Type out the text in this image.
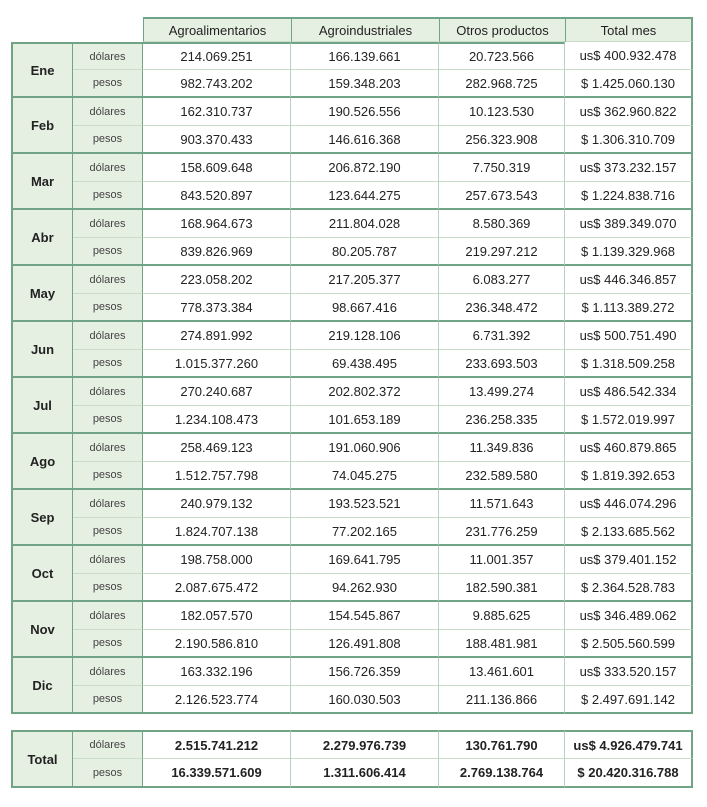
		Agroalimentarios	Agroindustriales	Otros productos	Total mes
Ene	dólares	214.069.251	166.139.661	20.723.566	us$ 400.932.478
	pesos	982.743.202	159.348.203	282.968.725	$ 1.425.060.130
Feb	dólares	162.310.737	190.526.556	10.123.530	us$ 362.960.822
	pesos	903.370.433	146.616.368	256.323.908	$ 1.306.310.709
Mar	dólares	158.609.648	206.872.190	7.750.319	us$ 373.232.157
	pesos	843.520.897	123.644.275	257.673.543	$ 1.224.838.716
Abr	dólares	168.964.673	211.804.028	8.580.369	us$ 389.349.070
	pesos	839.826.969	80.205.787	219.297.212	$ 1.139.329.968
May	dólares	223.058.202	217.205.377	6.083.277	us$ 446.346.857
	pesos	778.373.384	98.667.416	236.348.472	$ 1.113.389.272
Jun	dólares	274.891.992	219.128.106	6.731.392	us$ 500.751.490
	pesos	1.015.377.260	69.438.495	233.693.503	$ 1.318.509.258
Jul	dólares	270.240.687	202.802.372	13.499.274	us$ 486.542.334
	pesos	1.234.108.473	101.653.189	236.258.335	$ 1.572.019.997
Ago	dólares	258.469.123	191.060.906	11.349.836	us$ 460.879.865
	pesos	1.512.757.798	74.045.275	232.589.580	$ 1.819.392.653
Sep	dólares	240.979.132	193.523.521	11.571.643	us$ 446.074.296
	pesos	1.824.707.138	77.202.165	231.776.259	$ 2.133.685.562
Oct	dólares	198.758.000	169.641.795	11.001.357	us$ 379.401.152
	pesos	2.087.675.472	94.262.930	182.590.381	$ 2.364.528.783
Nov	dólares	182.057.570	154.545.867	9.885.625	us$ 346.489.062
	pesos	2.190.586.810	126.491.808	188.481.981	$ 2.505.560.599
Dic	dólares	163.332.196	156.726.359	13.461.601	us$ 333.520.157
	pesos	2.126.523.774	160.030.503	211.136.866	$ 2.497.691.142
Total	dólares	2.515.741.212	2.279.976.739	130.761.790	us$ 4.926.479.741
	pesos	16.339.571.609	1.311.606.414	2.769.138.764	$ 20.420.316.788
